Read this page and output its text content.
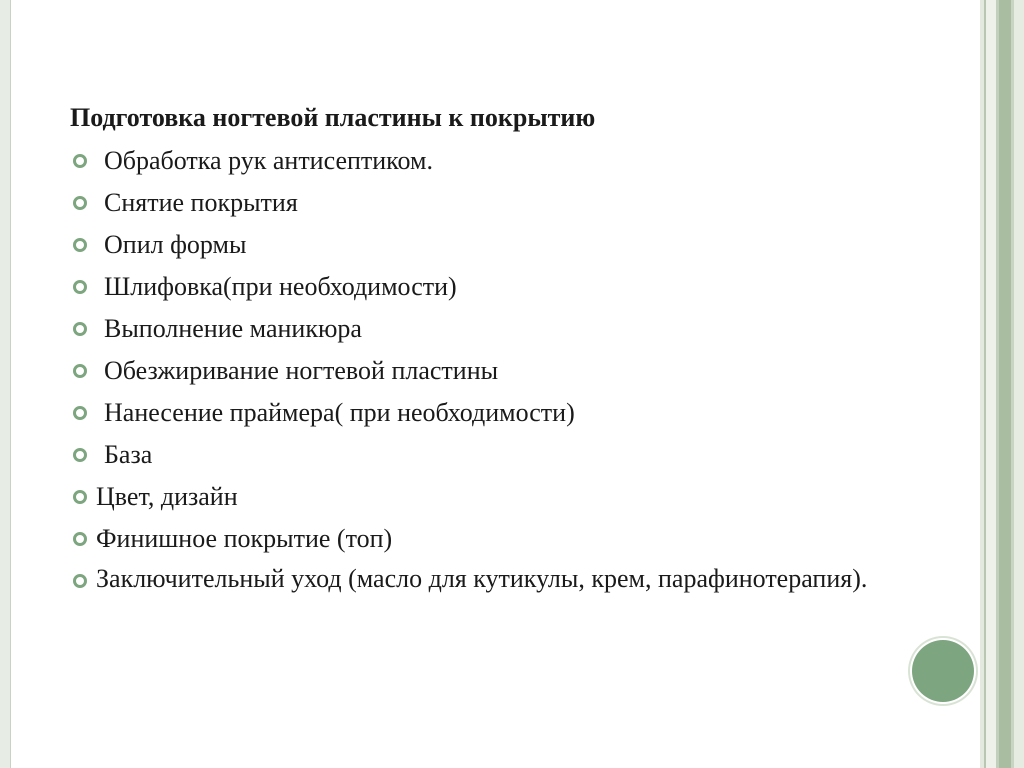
Подготовка ногтевой пластины к покрытию
Обработка рук антисептиком.
Снятие покрытия
Опил формы
Шлифовка(при необходимости)
Выполнение маникюра
Обезжиривание ногтевой пластины
Нанесение праймера( при необходимости)
База
Цвет, дизайн
Финишное покрытие (топ)
Заключительный уход (масло для кутикулы, крем, парафинотерапия).
